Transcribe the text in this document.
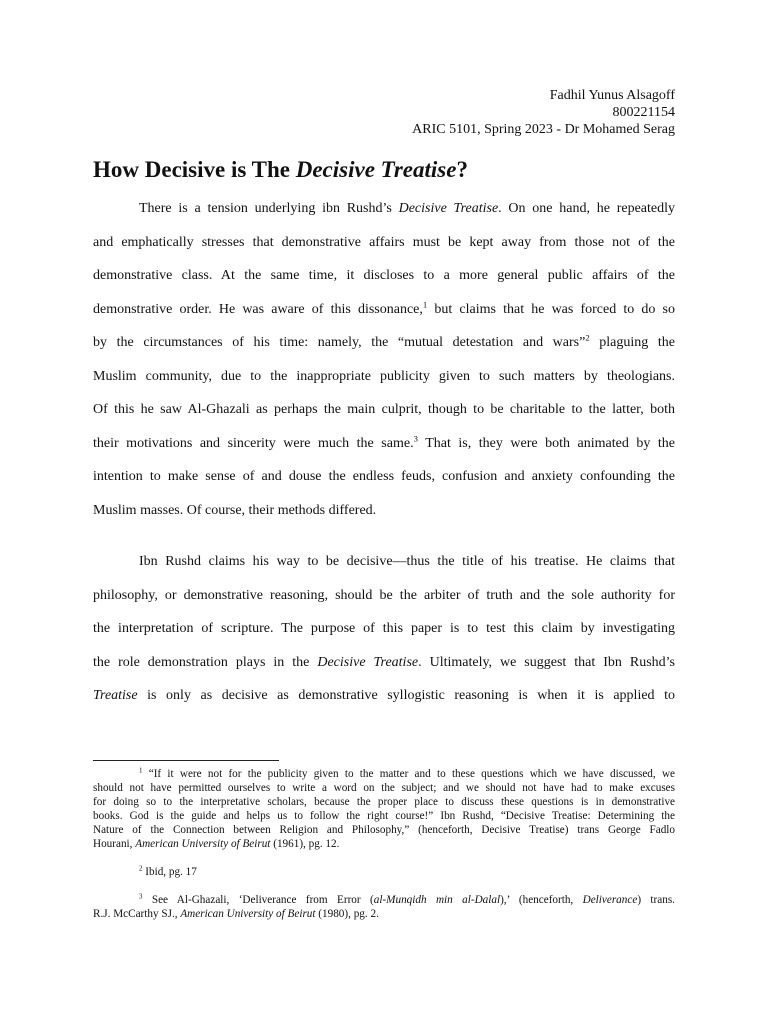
Fadhil Yunus Alsagoff
800221154
ARIC 5101, Spring 2023 - Dr Mohamed Serag
How Decisive is The Decisive Treatise?
There is a tension underlying ibn Rushd’s Decisive Treatise. On one hand, he repeatedly
and emphatically stresses that demonstrative affairs must be kept away from those not of the
demonstrative class. At the same time, it discloses to a more general public affairs of the
demonstrative order. He was aware of this dissonance,$^1$ but claims that he was forced to do so
by the circumstances of his time: namely, the “mutual detestation and wars”$^2$ plaguing the
Muslim community, due to the inappropriate publicity given to such matters by theologians.
Of this he saw Al-Ghazali as perhaps the main culprit, though to be charitable to the latter, both
their motivations and sincerity were much the same.$^3$ That is, they were both animated by the
intention to make sense of and douse the endless feuds, confusion and anxiety confounding the
Muslim masses. Of course, their methods differed.
Ibn Rushd claims his way to be decisive—thus the title of his treatise. He claims that
philosophy, or demonstrative reasoning, should be the arbiter of truth and the sole authority for
the interpretation of scripture. The purpose of this paper is to test this claim by investigating
the role demonstration plays in the Decisive Treatise. Ultimately, we suggest that Ibn Rushd’s
Treatise is only as decisive as demonstrative syllogistic reasoning is when it is applied to
$^1$ “If it were not for the publicity given to the matter and to these questions which we have discussed, we
should not have permitted ourselves to write a word on the subject; and we should not have had to make excuses
for doing so to the interpretative scholars, because the proper place to discuss these questions is in demonstrative
books. God is the guide and helps us to follow the right course!” Ibn Rushd, “Decisive Treatise: Determining the
Nature of the Connection between Religion and Philosophy,” (henceforth, Decisive Treatise) trans George Fadlo
Hourani, American University of Beirut (1961), pg. 12.
$^2$ Ibid, pg. 17
$^3$ See Al-Ghazali, ‘Deliverance from Error (al-Munqidh min al-Dalal),’ (henceforth, Deliverance) trans.
R.J. McCarthy SJ., American University of Beirut (1980), pg. 2.
